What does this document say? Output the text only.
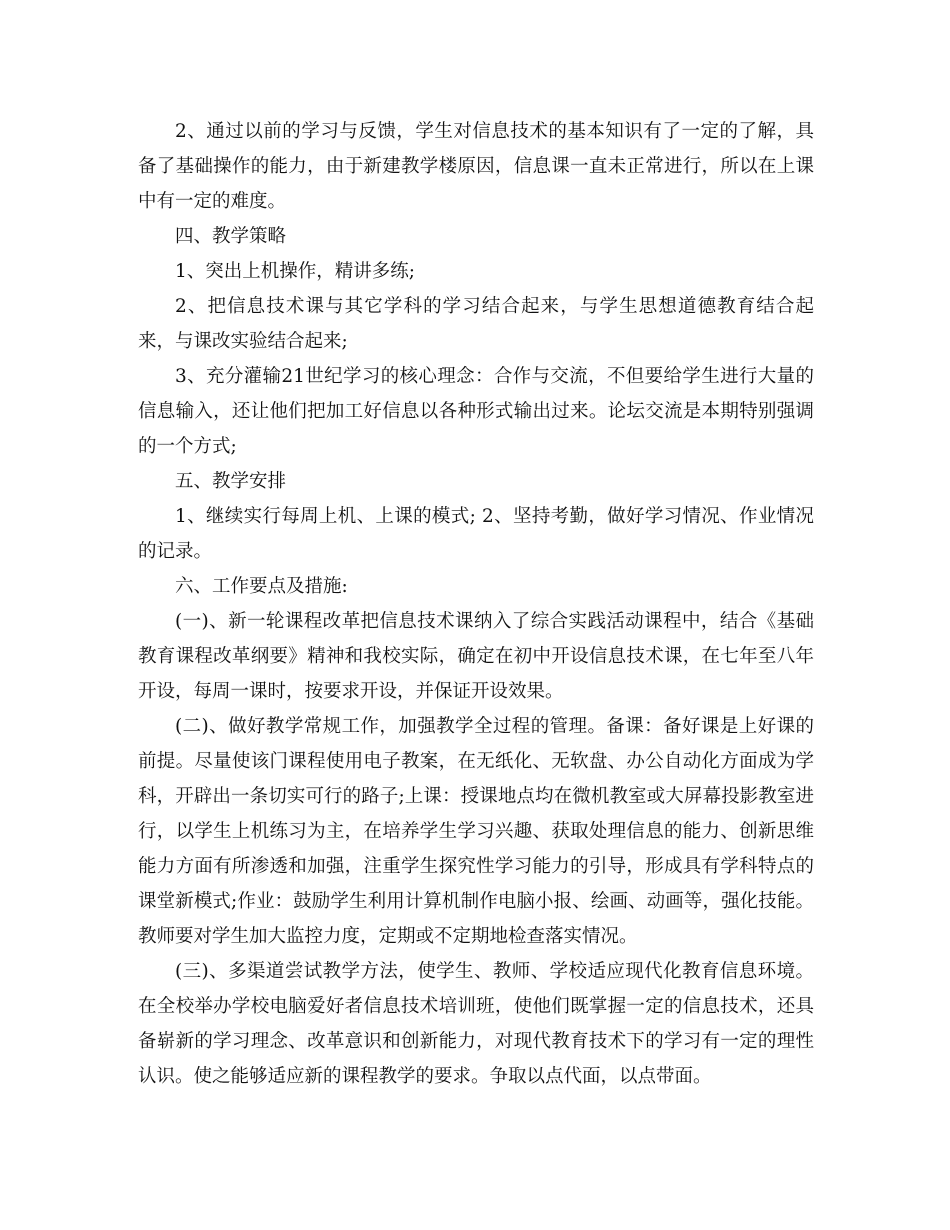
2、通过以前的学习与反馈，学生对信息技术的基本知识有了一定的了解，具备了基础操作的能力，由于新建教学楼原因，信息课一直未正常进行，所以在上课中有一定的难度。

四、教学策略

1、突出上机操作，精讲多练;

2、把信息技术课与其它学科的学习结合起来，与学生思想道德教育结合起来，与课改实验结合起来;

3、充分灌输21世纪学习的核心理念：合作与交流，不但要给学生进行大量的信息输入，还让他们把加工好信息以各种形式输出过来。论坛交流是本期特别强调的一个方式;

五、教学安排

1、继续实行每周上机、上课的模式; 2、坚持考勤，做好学习情况、作业情况的记录。

六、工作要点及措施:

(一)、新一轮课程改革把信息技术课纳入了综合实践活动课程中，结合《基础教育课程改革纲要》精神和我校实际，确定在初中开设信息技术课，在七年至八年开设，每周一课时，按要求开设，并保证开设效果。

(二)、做好教学常规工作，加强教学全过程的管理。备课：备好课是上好课的前提。尽量使该门课程使用电子教案，在无纸化、无软盘、办公自动化方面成为学科，开辟出一条切实可行的路子;上课：授课地点均在微机教室或大屏幕投影教室进行，以学生上机练习为主，在培养学生学习兴趣、获取处理信息的能力、创新思维能力方面有所渗透和加强，注重学生探究性学习能力的引导，形成具有学科特点的课堂新模式;作业：鼓励学生利用计算机制作电脑小报、绘画、动画等，强化技能。教师要对学生加大监控力度，定期或不定期地检查落实情况。

(三)、多渠道尝试教学方法，使学生、教师、学校适应现代化教育信息环境。在全校举办学校电脑爱好者信息技术培训班，使他们既掌握一定的信息技术，还具备崭新的学习理念、改革意识和创新能力，对现代教育技术下的学习有一定的理性认识。使之能够适应新的课程教学的要求。争取以点代面，以点带面。
